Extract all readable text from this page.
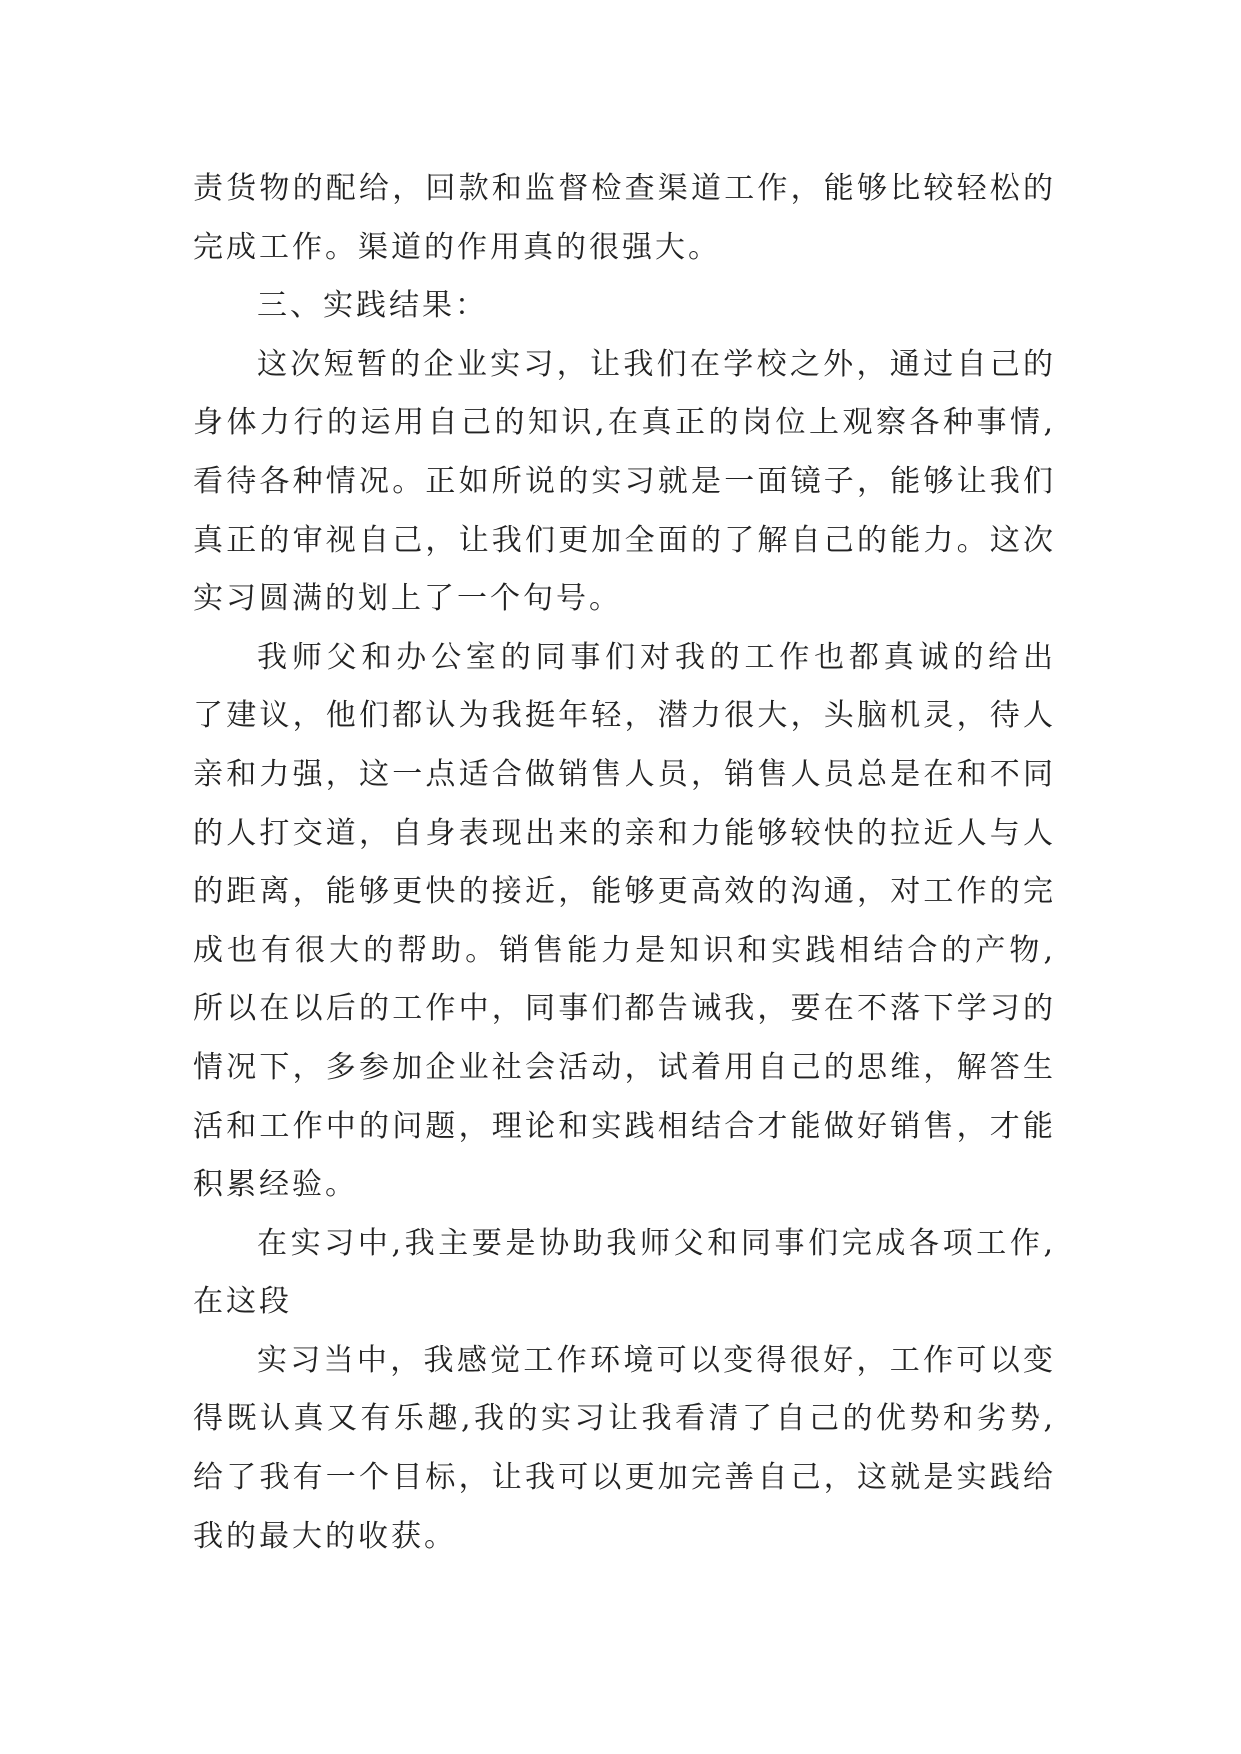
责货物的配给，回款和监督检查渠道工作，能够比较轻松的
完成工作。渠道的作用真的很强大。
三、实践结果：
这次短暂的企业实习，让我们在学校之外，通过自己的
身体力行的运用自己的知识,在真正的岗位上观察各种事情,
看待各种情况。正如所说的实习就是一面镜子，能够让我们
真正的审视自己，让我们更加全面的了解自己的能力。这次
实习圆满的划上了一个句号。
我师父和办公室的同事们对我的工作也都真诚的给出
了建议，他们都认为我挺年轻，潜力很大，头脑机灵，待人
亲和力强，这一点适合做销售人员，销售人员总是在和不同
的人打交道，自身表现出来的亲和力能够较快的拉近人与人
的距离，能够更快的接近，能够更高效的沟通，对工作的完
成也有很大的帮助。销售能力是知识和实践相结合的产物,
所以在以后的工作中，同事们都告诫我，要在不落下学习的
情况下，多参加企业社会活动，试着用自己的思维，解答生
活和工作中的问题，理论和实践相结合才能做好销售，才能
积累经验。
在实习中,我主要是协助我师父和同事们完成各项工作,
在这段
实习当中，我感觉工作环境可以变得很好，工作可以变
得既认真又有乐趣,我的实习让我看清了自己的优势和劣势,
给了我有一个目标，让我可以更加完善自己，这就是实践给
我的最大的收获。
